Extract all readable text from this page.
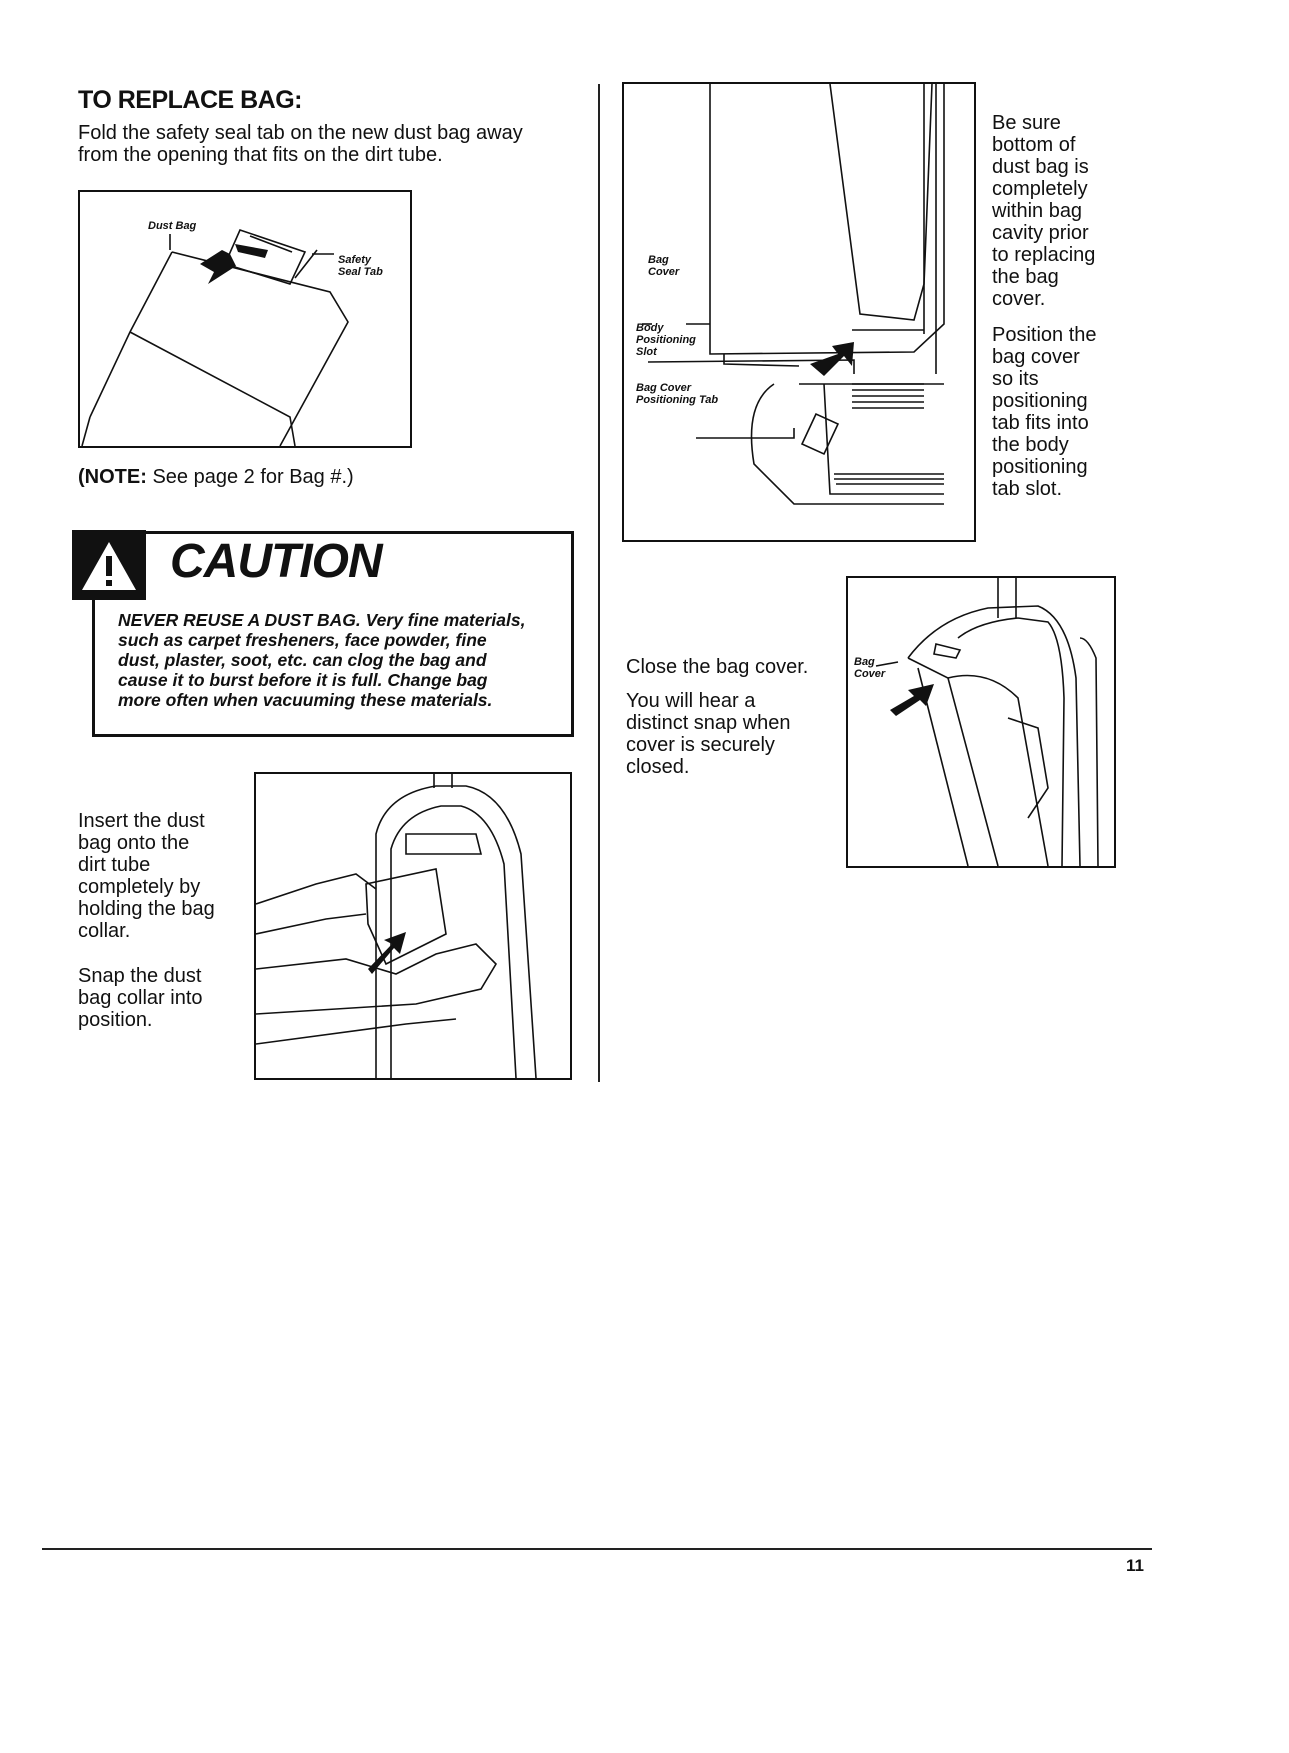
TO REPLACE BAG:
Fold the safety seal tab on the new dust bag away
from the opening that fits on the dirt tube.
Dust Bag
Safety
Seal Tab
(NOTE: See page 2 for Bag #.)
CAUTION
NEVER REUSE A DUST BAG. Very fine materials,
such as carpet fresheners, face powder, fine
dust, plaster, soot, etc. can clog the bag and
cause it to burst before it is full. Change bag
more often when vacuuming these materials.
Insert the dust
bag onto the
dirt tube
completely by
holding the bag
collar.
Snap the dust
bag collar into
position.
Bag
Cover
Body
Positioning
Slot
Bag Cover
Positioning Tab
Be sure
bottom of
dust bag is
completely
within bag
cavity prior
to replacing
the bag
cover.
Position the
bag cover
so its
positioning
tab fits into
the body
positioning
tab slot.
Close the bag cover.
You will hear a
distinct snap when
cover is securely
closed.
Bag
Cover
11
